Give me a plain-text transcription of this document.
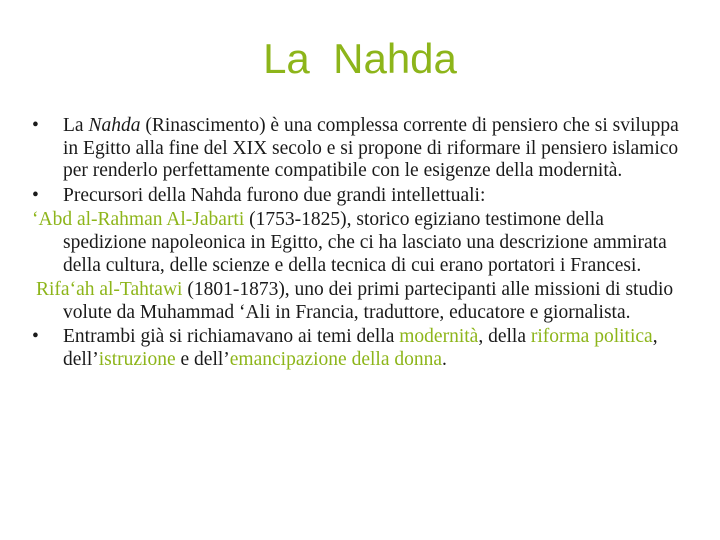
La  Nahda

• La Nahda (Rinascimento) è una complessa corrente di pensiero che si sviluppa in Egitto alla fine del XIX secolo e si propone di riformare il pensiero islamico per renderlo perfettamente compatibile con le esigenze della modernità.

• Precursori della Nahda furono due grandi intellettuali:

‘Abd al-Rahman Al-Jabarti (1753-1825), storico egiziano testimone della spedizione napoleonica in Egitto, che ci ha lasciato una descrizione ammirata della cultura, delle scienze e della tecnica di cui erano portatori i Francesi.

Rifa‘ah al-Tahtawi (1801-1873), uno dei primi partecipanti alle missioni di studio volute da Muhammad ‘Ali in Francia, traduttore, educatore e giornalista.

• Entrambi già si richiamavano ai temi della modernità, della riforma politica, dell’istruzione e dell’emancipazione della donna.
